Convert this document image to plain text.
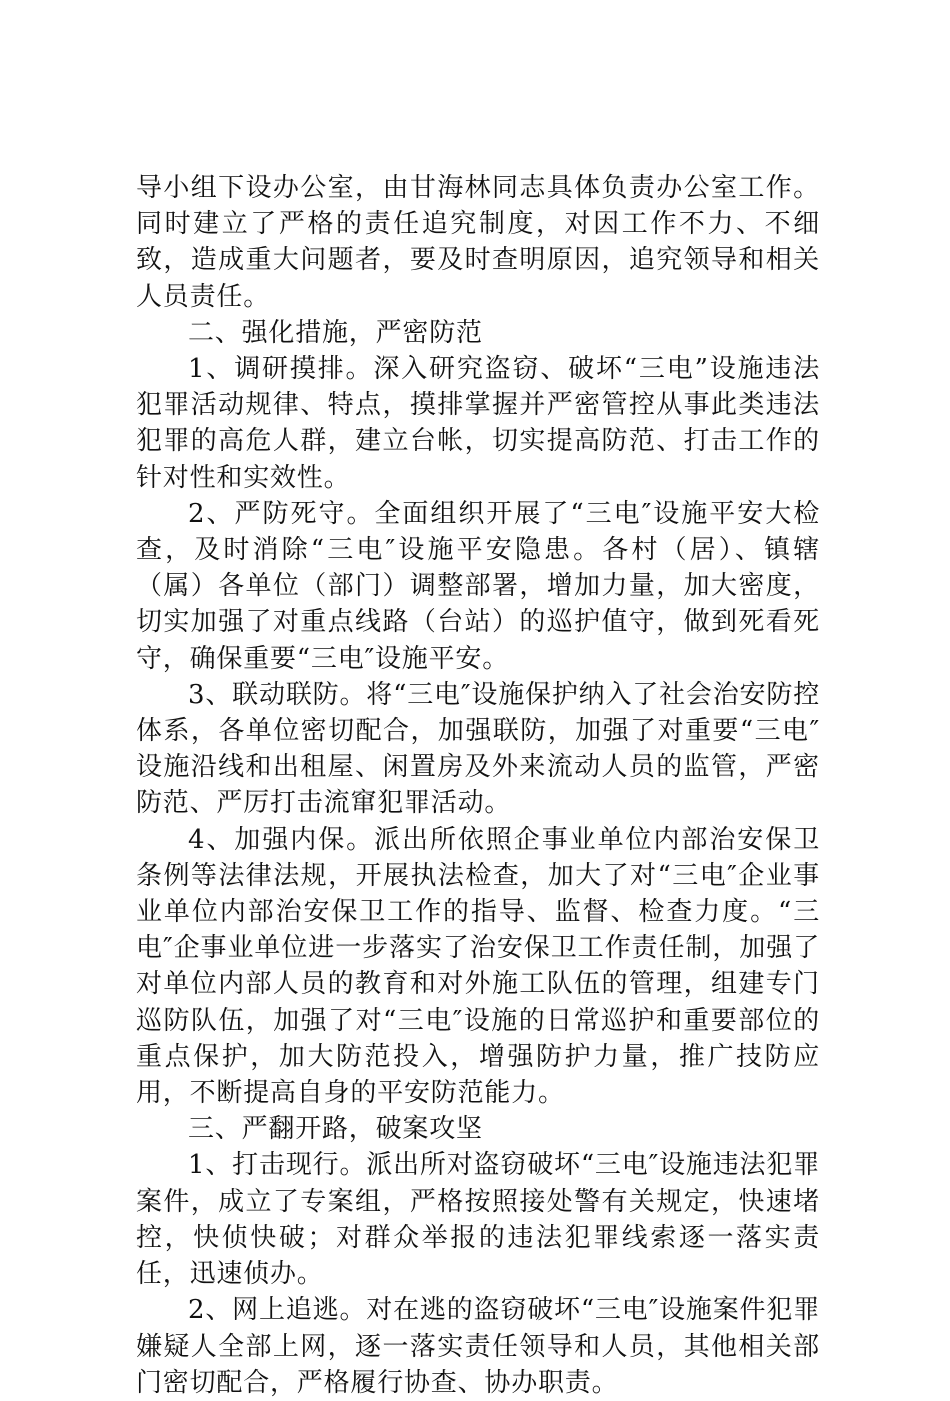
导小组下设办公室，由甘海林同志具体负责办公室工作。同时建立了严格的责任追究制度，对因工作不力、不细致，造成重大问题者，要及时查明原因，追究领导和相关人员责任。

二、强化措施，严密防范

1、调研摸排。深入研究盗窃、破坏“三电”设施违法犯罪活动规律、特点，摸排掌握并严密管控从事此类违法犯罪的高危人群，建立台帐，切实提高防范、打击工作的针对性和实效性。

2、严防死守。全面组织开展了“三电″设施平安大检查，及时消除“三电″设施平安隐患。各村（居）、镇辖（属）各单位（部门）调整部署，增加力量，加大密度，切实加强了对重点线路（台站）的巡护值守，做到死看死守，确保重要“三电″设施平安。

3、联动联防。将“三电″设施保护纳入了社会治安防控体系，各单位密切配合，加强联防，加强了对重要“三电″设施沿线和出租屋、闲置房及外来流动人员的监管，严密防范、严厉打击流窜犯罪活动。

4、加强内保。派出所依照企事业单位内部治安保卫条例等法律法规，开展执法检查，加大了对“三电″企业事业单位内部治安保卫工作的指导、监督、检查力度。“三电″企事业单位进一步落实了治安保卫工作责任制，加强了对单位内部人员的教育和对外施工队伍的管理，组建专门巡防队伍，加强了对“三电″设施的日常巡护和重要部位的重点保护，加大防范投入，增强防护力量，推广技防应用，不断提高自身的平安防范能力。

三、严翻开路，破案攻坚

1、打击现行。派出所对盗窃破坏“三电″设施违法犯罪案件，成立了专案组，严格按照接处警有关规定，快速堵控，快侦快破；对群众举报的违法犯罪线索逐一落实责任，迅速侦办。

2、网上追逃。对在逃的盗窃破坏“三电″设施案件犯罪嫌疑人全部上网，逐一落实责任领导和人员，其他相关部门密切配合，严格履行协查、协办职责。
